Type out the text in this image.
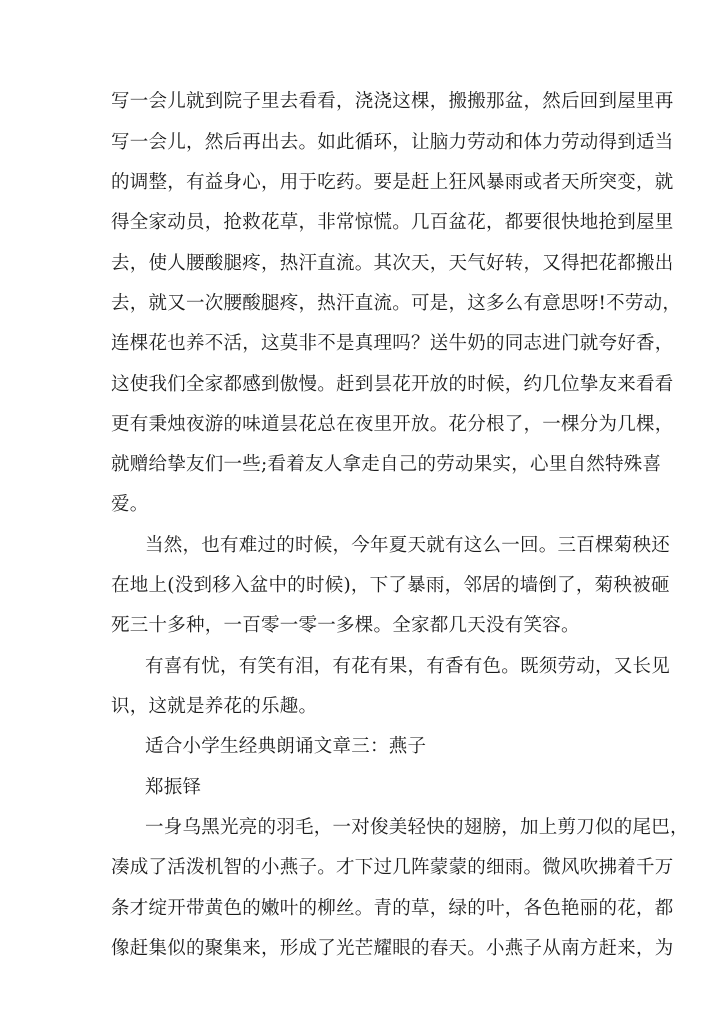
写一会儿就到院子里去看看，浇浇这棵，搬搬那盆，然后回到屋里再
写一会儿，然后再出去。如此循环，让脑力劳动和体力劳动得到适当
的调整，有益身心，用于吃药。要是赶上狂风暴雨或者天所突变，就
得全家动员，抢救花草，非常惊慌。几百盆花，都要很快地抢到屋里
去，使人腰酸腿疼，热汗直流。其次天，天气好转，又得把花都搬出
去，就又一次腰酸腿疼，热汗直流。可是，这多么有意思呀!不劳动，
连棵花也养不活，这莫非不是真理吗？送牛奶的同志进门就夸好香，
这使我们全家都感到傲慢。赶到昙花开放的时候，约几位挚友来看看
更有秉烛夜游的味道昙花总在夜里开放。花分根了，一棵分为几棵，
就赠给挚友们一些;看着友人拿走自己的劳动果实，心里自然特殊喜
爱。
当然，也有难过的时候，今年夏天就有这么一回。三百棵菊秧还
在地上(没到移入盆中的时候)，下了暴雨，邻居的墙倒了，菊秧被砸
死三十多种，一百零一零一多棵。全家都几天没有笑容。
有喜有忧，有笑有泪，有花有果，有香有色。既须劳动，又长见
识，这就是养花的乐趣。
适合小学生经典朗诵文章三：燕子
郑振铎
一身乌黑光亮的羽毛，一对俊美轻快的翅膀，加上剪刀似的尾巴，
凑成了活泼机智的小燕子。才下过几阵蒙蒙的细雨。微风吹拂着千万
条才绽开带黄色的嫩叶的柳丝。青的草，绿的叶，各色艳丽的花，都
像赶集似的聚集来，形成了光芒耀眼的春天。小燕子从南方赶来，为
